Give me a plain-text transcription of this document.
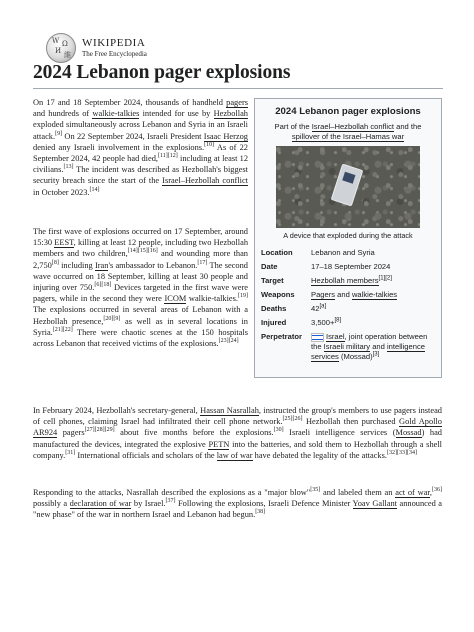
W Ω
И 維
WIKIPEDIA
The Free Encyclopedia
2024 Lebanon pager explosions

On 17 and 18 September 2024, thousands of handheld pagers and hundreds of walkie-talkies intended for use by Hezbollah exploded simultaneously across Lebanon and Syria in an Israeli attack.[9] On 22 September 2024, Israeli President Isaac Herzog denied any Israeli involvement in the explosions.[10] As of 22 September 2024, 42 people had died,[11][12] including at least 12 civilians.[13] The incident was described as Hezbollah's biggest security breach since the start of the Israel–Hezbollah conflict in October 2023.[14]

The first wave of explosions occurred on 17 September, around 15:30 EEST, killing at least 12 people, including two Hezbollah members and two children,[14][15][16] and wounding more than 2,750[8] including Iran's ambassador to Lebanon.[17] The second wave occurred on 18 September, killing at least 30 people and injuring over 750.[6][18] Devices targeted in the first wave were pagers, while in the second they were ICOM walkie-talkies.[19] The explosions occurred in several areas of Lebanon with a Hezbollah presence,[20][9] as well as in several locations in Syria.[21][22] There were chaotic scenes at the 150 hospitals across Lebanon that received victims of the explosions.[23][24]

2024 Lebanon pager explosions
Part of the Israel–Hezbollah conflict and the spillover of the Israel–Hamas war
A device that exploded during the attack
Location	Lebanon and Syria
Date	17–18 September 2024
Target	Hezbollah members[1][2]
Weapons	Pagers and walkie-talkies
Deaths	42[a]
Injured	3,500+[8]
Perpetrator	Israel, joint operation between the Israeli military and intelligence services (Mossad)[3]

In February 2024, Hezbollah's secretary-general, Hassan Nasrallah, instructed the group's members to use pagers instead of cell phones, claiming Israel had infiltrated their cell phone network.[25][26] Hezbollah then purchased Gold Apollo AR924 pagers[27][28][29] about five months before the explosions.[30] Israeli intelligence services (Mossad) had manufactured the devices, integrated the explosive PETN into the batteries, and sold them to Hezbollah through a shell company.[31] International officials and scholars of the law of war have debated the legality of the attacks.[32][33][34]

Responding to the attacks, Nasrallah described the explosions as a "major blow"[35] and labeled them an act of war,[36] possibly a declaration of war by Israel.[37] Following the explosions, Israeli Defence Minister Yoav Gallant announced a "new phase" of the war in northern Israel and Lebanon had begun.[38]
